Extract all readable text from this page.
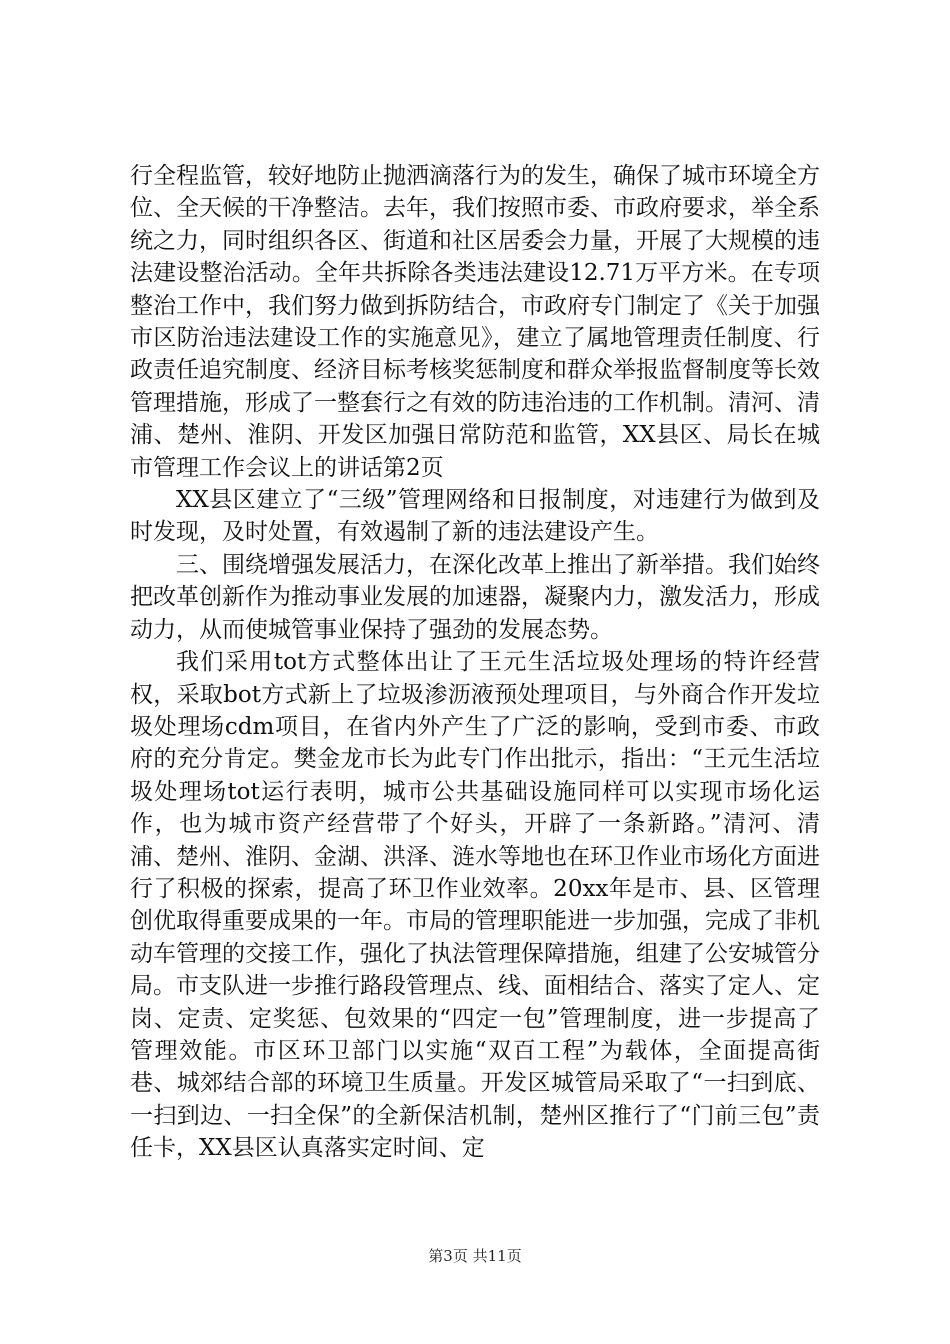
行全程监管，较好地防止抛洒滴落行为的发生，确保了城市环境全方位、全天候的干净整洁。去年，我们按照市委、市政府要求，举全系统之力，同时组织各区、街道和社区居委会力量，开展了大规模的违法建设整治活动。全年共拆除各类违法建设12.71万平方米。在专项整治工作中，我们努力做到拆防结合，市政府专门制定了《关于加强市区防治违法建设工作的实施意见》，建立了属地管理责任制度、行政责任追究制度、经济目标考核奖惩制度和群众举报监督制度等长效管理措施，形成了一整套行之有效的防违治违的工作机制。清河、清浦、楚州、淮阴、开发区加强日常防范和监管，XX县区、局长在城市管理工作会议上的讲话第2页

XX县区建立了“三级”管理网络和日报制度，对违建行为做到及时发现，及时处置，有效遏制了新的违法建设产生。

三、围绕增强发展活力，在深化改革上推出了新举措。我们始终把改革创新作为推动事业发展的加速器，凝聚内力，激发活力，形成动力，从而使城管事业保持了强劲的发展态势。

我们采用tot方式整体出让了王元生活垃圾处理场的特许经营权，采取bot方式新上了垃圾渗沥液预处理项目，与外商合作开发垃圾处理场cdm项目，在省内外产生了广泛的影响，受到市委、市政府的充分肯定。樊金龙市长为此专门作出批示，指出：“王元生活垃圾处理场tot运行表明，城市公共基础设施同样可以实现市场化运作，也为城市资产经营带了个好头，开辟了一条新路。”清河、清浦、楚州、淮阴、金湖、洪泽、涟水等地也在环卫作业市场化方面进行了积极的探索，提高了环卫作业效率。20xx年是市、县、区管理创优取得重要成果的一年。市局的管理职能进一步加强，完成了非机动车管理的交接工作，强化了执法管理保障措施，组建了公安城管分局。市支队进一步推行路段管理点、线、面相结合、落实了定人、定岗、定责、定奖惩、包效果的“四定一包”管理制度，进一步提高了管理效能。市区环卫部门以实施“双百工程”为载体，全面提高街巷、城郊结合部的环境卫生质量。开发区城管局采取了“一扫到底、一扫到边、一扫全保”的全新保洁机制，楚州区推行了“门前三包”责任卡，XX县区认真落实定时间、定

第3页 共11页
